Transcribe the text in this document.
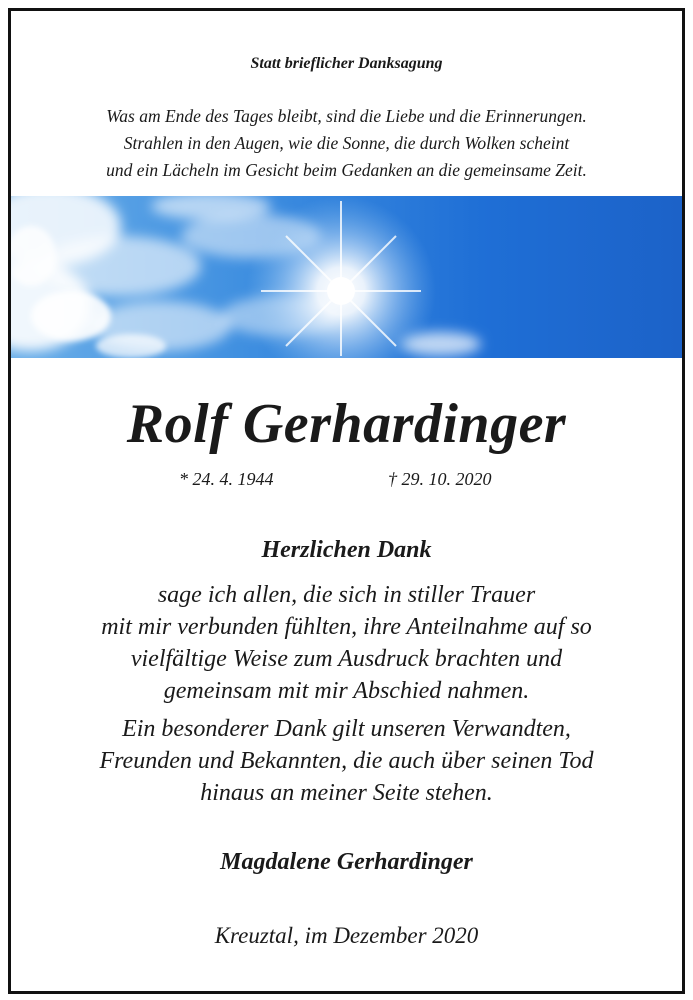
Statt brieflicher Danksagung
Was am Ende des Tages bleibt, sind die Liebe und die Erinnerungen.
Strahlen in den Augen, wie die Sonne, die durch Wolken scheint
und ein Lächeln im Gesicht beim Gedanken an die gemeinsame Zeit.
Rolf Gerhardinger
* 24. 4. 1944	† 29. 10. 2020
Herzlichen Dank
sage ich allen, die sich in stiller Trauer
mit mir verbunden fühlten, ihre Anteilnahme auf so
vielfältige Weise zum Ausdruck brachten und
gemeinsam mit mir Abschied nahmen.
Ein besonderer Dank gilt unseren Verwandten,
Freunden und Bekannten, die auch über seinen Tod
hinaus an meiner Seite stehen.
Magdalene Gerhardinger
Kreuztal, im Dezember 2020
